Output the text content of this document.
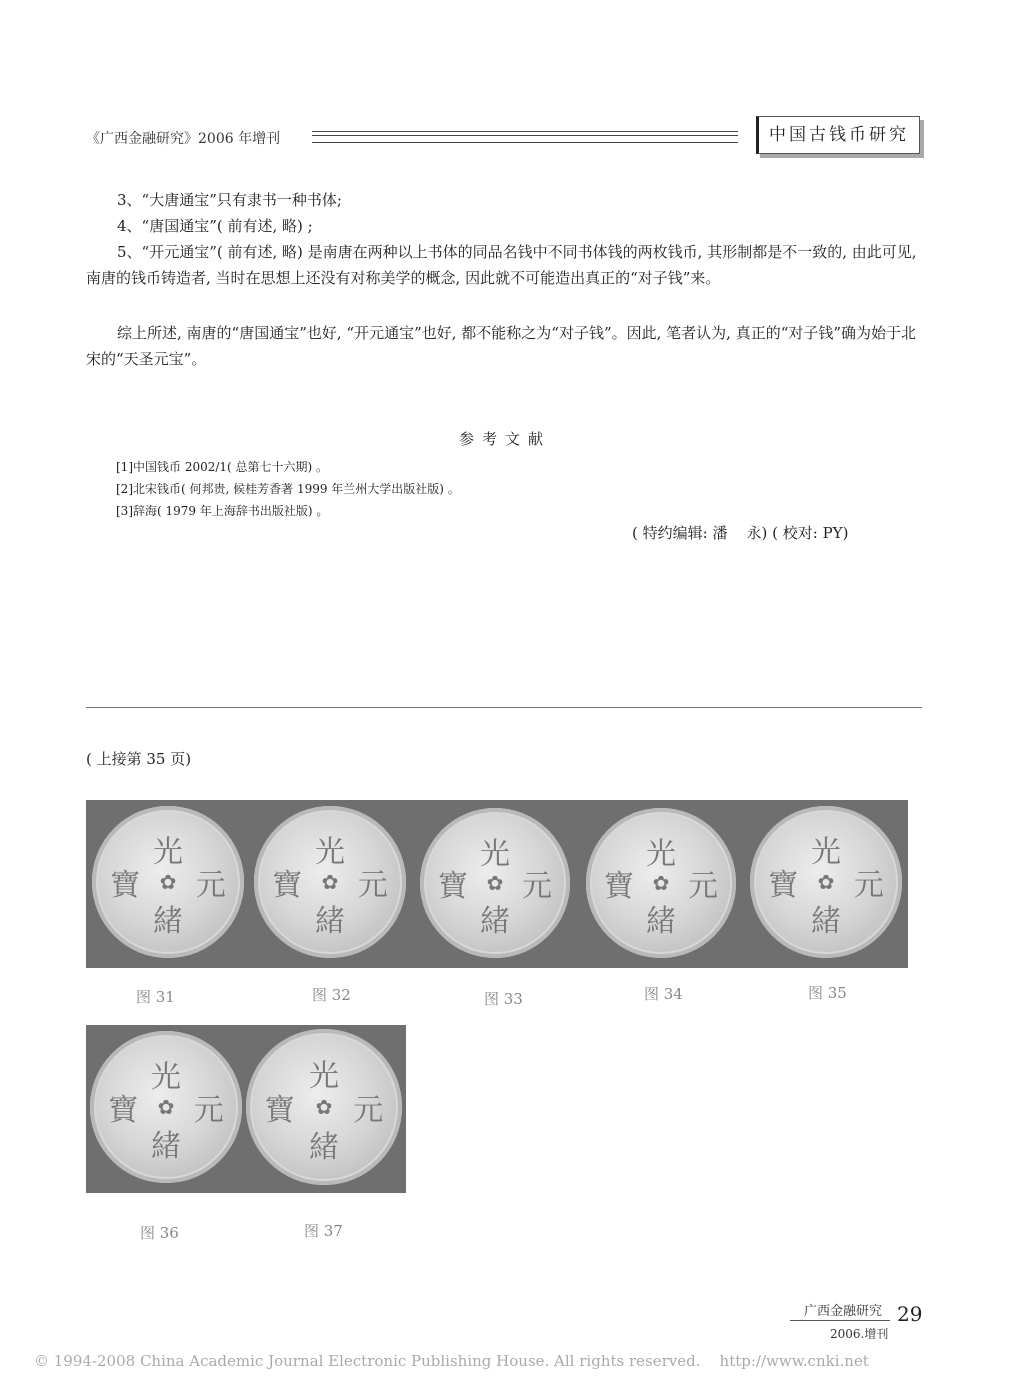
《广西金融研究》2006 年增刊	中国古钱币研究

3、“大唐通宝”只有隶书一种书体;

4、“唐国通宝”( 前有述, 略) ;

5、“开元通宝”( 前有述, 略) 是南唐在两种以上书体的同品名钱中不同书体钱的两枚钱币, 其形制都是不一致的, 由此可见, 南唐的钱币铸造者, 当时在思想上还没有对称美学的概念, 因此就不可能造出真正的“对子钱”来。

综上所述, 南唐的“唐国通宝”也好, “开元通宝”也好, 都不能称之为“对子钱”。因此, 笔者认为, 真正的“对子钱”确为始于北宋的“天圣元宝”。

参考文献
[1]中国钱币 2002/1( 总第七十六期) 。
[2]北宋钱币( 何邦贵, 候桂芳香著 1999 年兰州大学出版社版) 。
[3]辞海( 1979 年上海辞书出版社版) 。
( 特约编辑: 潘    永) ( 校对: PY)
( 上接第 35 页)
光
寶 ✿ 元
緒
光
寶 ✿ 元
緒
光
寶 ✿ 元
緒
光
寶 ✿ 元
緒
光
寶 ✿ 元
緒
图 31	图 32	图 33	图 34	图 35
光
寶 ✿ 元
緒
光
寶 ✿ 元
緒
图 36	图 37
广西金融研究
2006.增刊
29
© 1994-2008 China Academic Journal Electronic Publishing House. All rights reserved.    http://www.cnki.net
